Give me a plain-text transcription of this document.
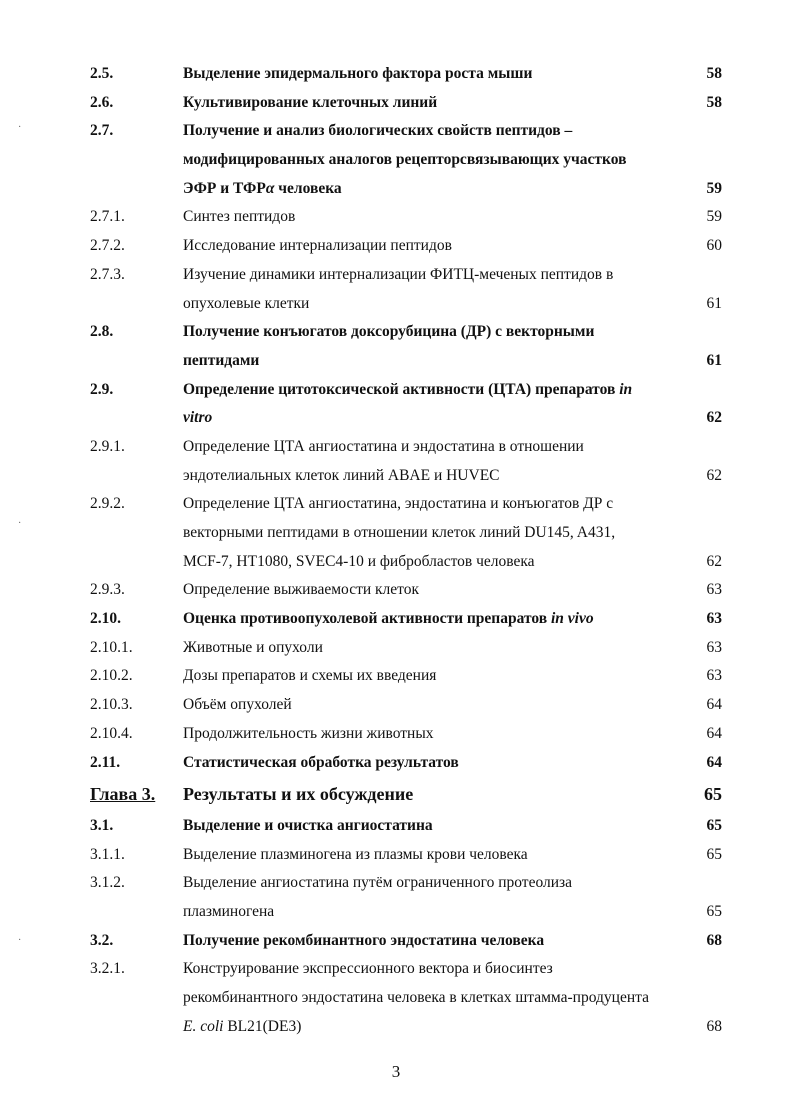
2.5.	Выделение эпидермального фактора роста мыши	58
2.6.	Культивирование клеточных линий	58
2.7.	Получение и анализ биологических свойств пептидов –
модифицированных аналогов рецепторсвязывающих участков
ЭФР и ТФРα человека	59
2.7.1.	Синтез пептидов	59
2.7.2.	Исследование интернализации пептидов	60
2.7.3.	Изучение динамики интернализации ФИТЦ-меченых пептидов в
опухолевые клетки	61
2.8.	Получение конъюгатов доксорубицина (ДР) с векторными
пептидами	61
2.9.	Определение цитотоксической активности (ЦТА) препаратов in
vitro	62
2.9.1.	Определение ЦТА ангиостатина и эндостатина в отношении
эндотелиальных клеток линий ABAE и HUVEC	62
2.9.2.	Определение ЦТА ангиостатина, эндостатина и конъюгатов ДР с
векторными пептидами в отношении клеток линий DU145, A431,
MCF-7, HT1080, SVEC4-10 и фибробластов человека	62
2.9.3.	Определение выживаемости клеток	63
2.10.	Оценка противоопухолевой активности препаратов in vivo	63
2.10.1.	Животные и опухоли	63
2.10.2.	Дозы препаратов и схемы их введения	63
2.10.3.	Объём опухолей	64
2.10.4.	Продолжительность жизни животных	64
2.11.	Статистическая обработка результатов	64
Глава 3. Результаты и их обсуждение	65
3.1.	Выделение и очистка ангиостатина	65
3.1.1.	Выделение плазминогена из плазмы крови человека	65
3.1.2.	Выделение ангиостатина путём ограниченного протеолиза
плазминогена	65
3.2.	Получение рекомбинантного эндостатина человека	68
3.2.1.	Конструирование экспрессионного вектора и биосинтез
рекомбинантного эндостатина человека в клетках штамма-продуцента
E. coli BL21(DE3)	68
3
·
·
·
